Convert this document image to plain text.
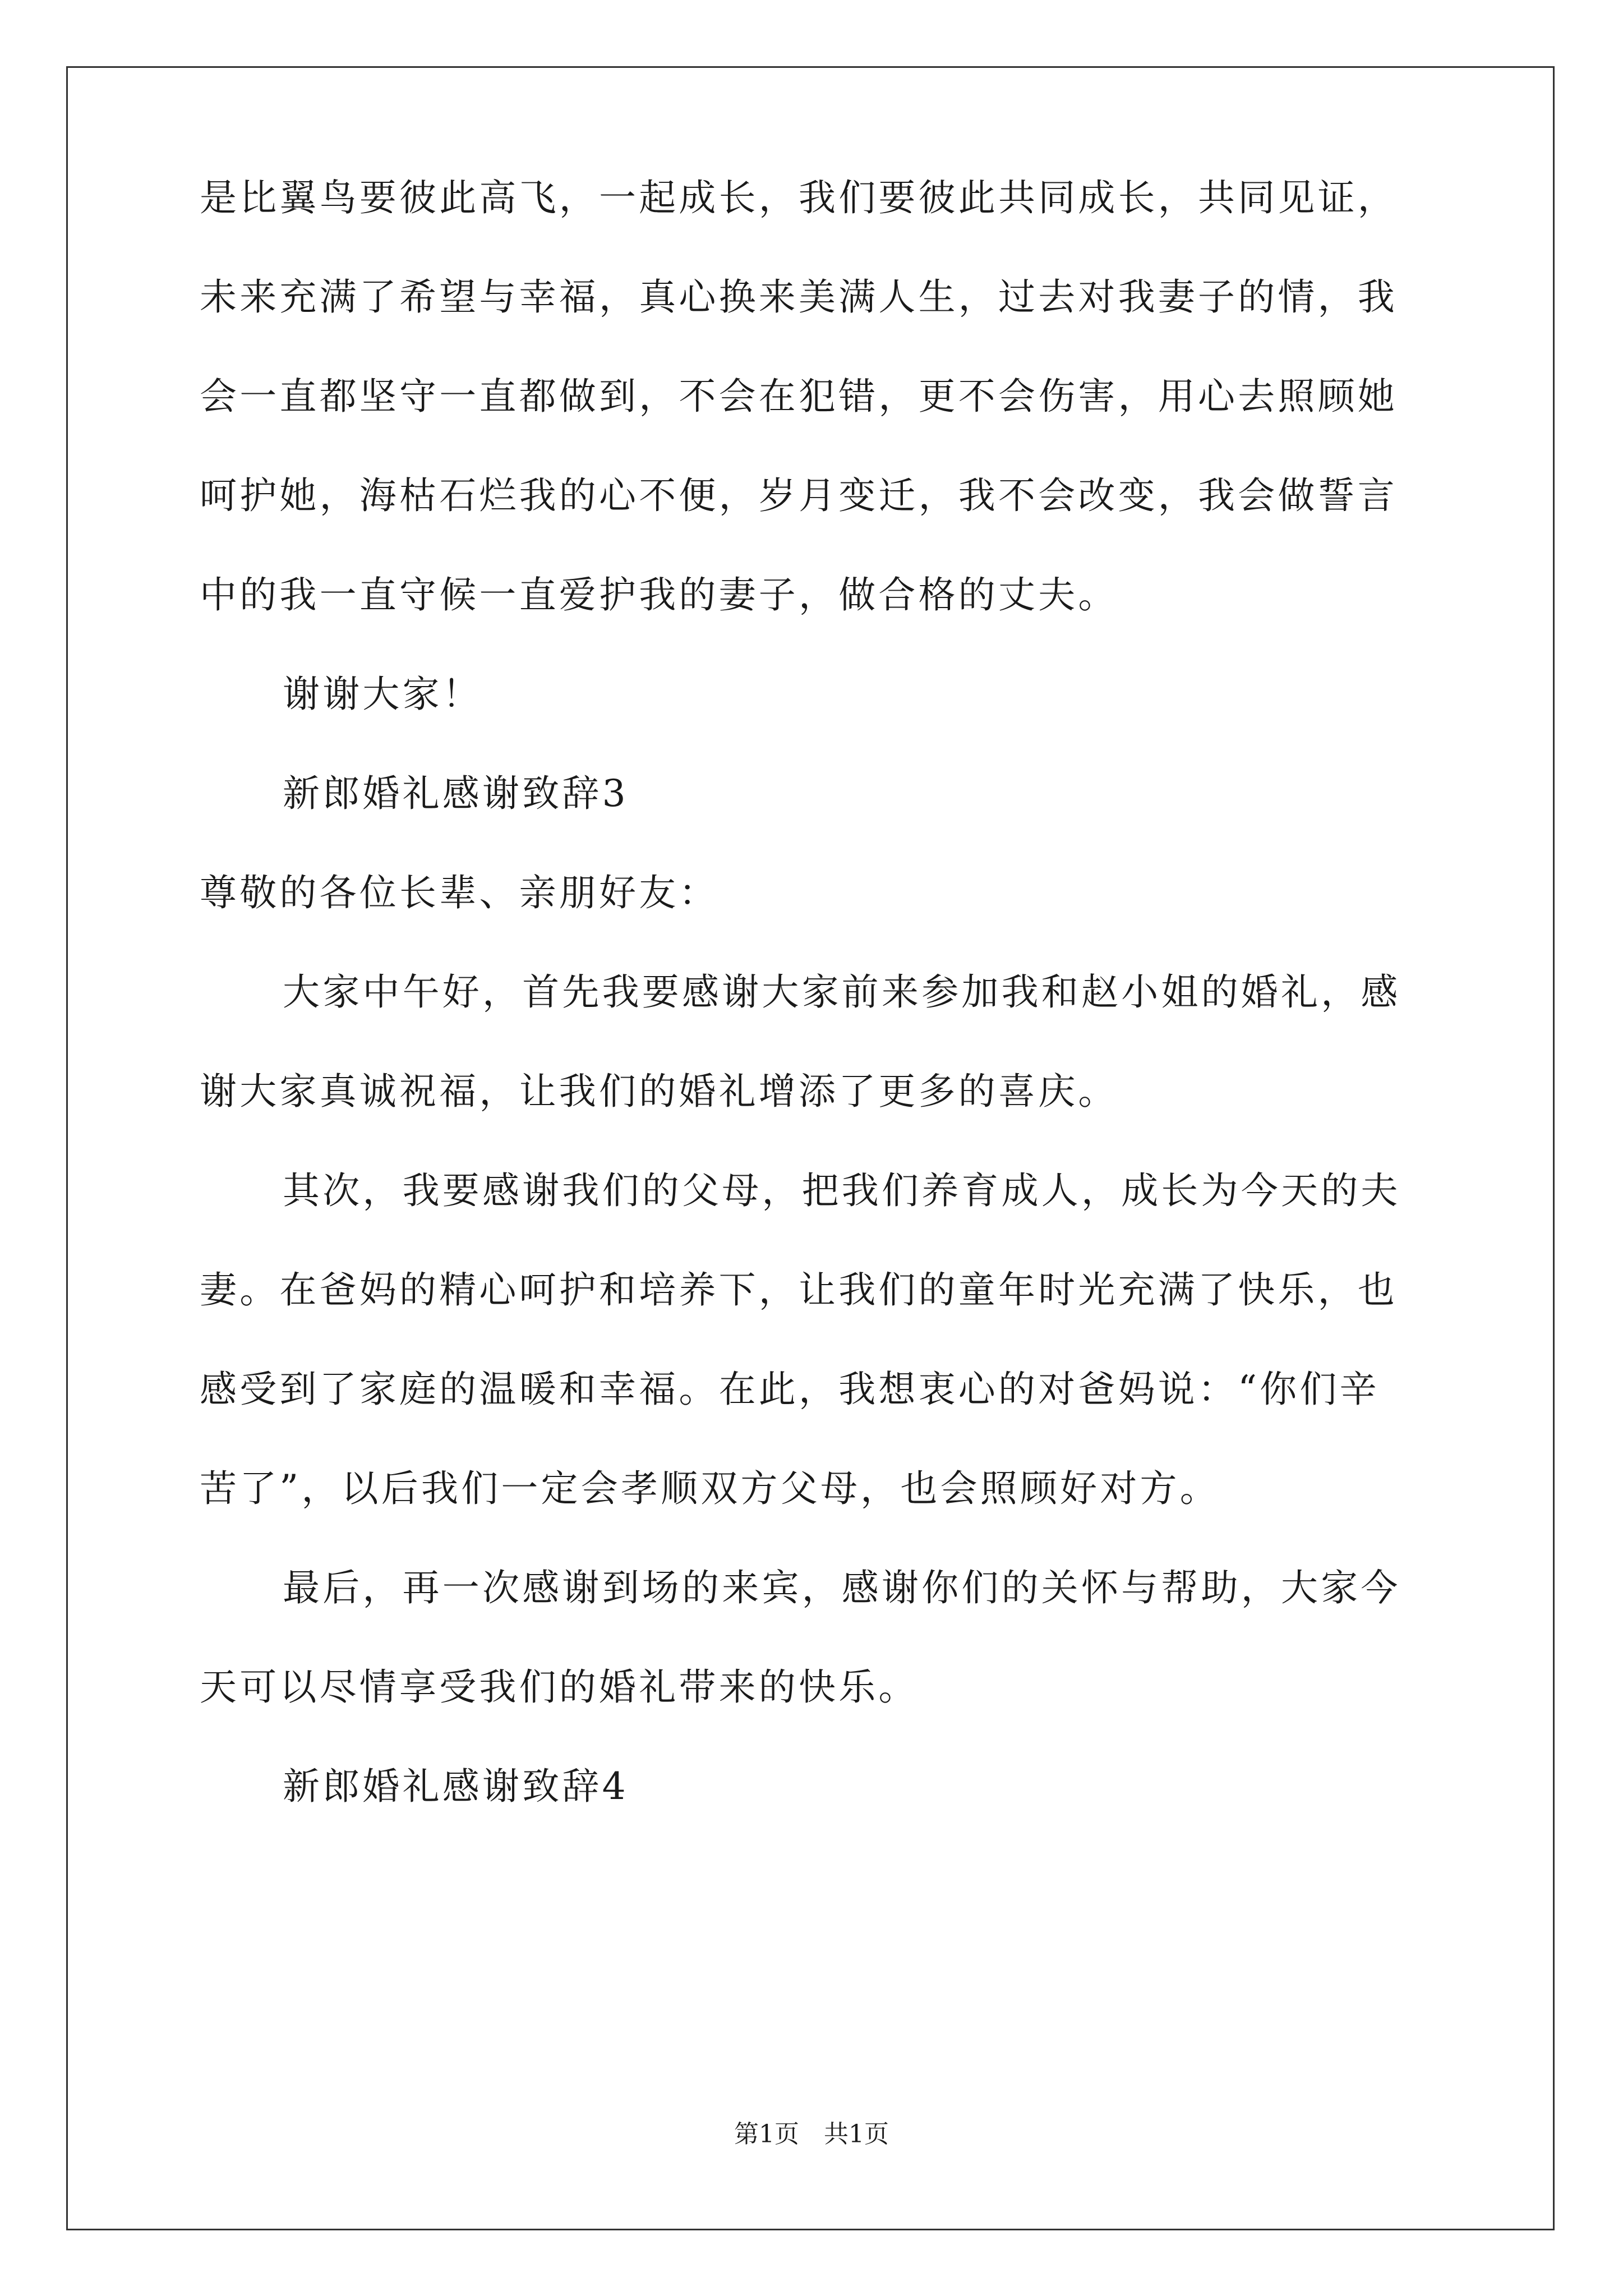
是比翼鸟要彼此高飞，一起成长，我们要彼此共同成长，共同见证，

未来充满了希望与幸福，真心换来美满人生，过去对我妻子的情，我

会一直都坚守一直都做到，不会在犯错，更不会伤害，用心去照顾她

呵护她，海枯石烂我的心不便，岁月变迁，我不会改变，我会做誓言

中的我一直守候一直爱护我的妻子，做合格的丈夫。

谢谢大家！

新郎婚礼感谢致辞3

尊敬的各位长辈、亲朋好友：

大家中午好，首先我要感谢大家前来参加我和赵小姐的婚礼，感

谢大家真诚祝福，让我们的婚礼增添了更多的喜庆。

其次，我要感谢我们的父母，把我们养育成人，成长为今天的夫

妻。在爸妈的精心呵护和培养下，让我们的童年时光充满了快乐，也

感受到了家庭的温暖和幸福。在此，我想衷心的对爸妈说：“你们辛

苦了”，以后我们一定会孝顺双方父母，也会照顾好对方。

最后，再一次感谢到场的来宾，感谢你们的关怀与帮助，大家今

天可以尽情享受我们的婚礼带来的快乐。

新郎婚礼感谢致辞4

第1页　共1页
